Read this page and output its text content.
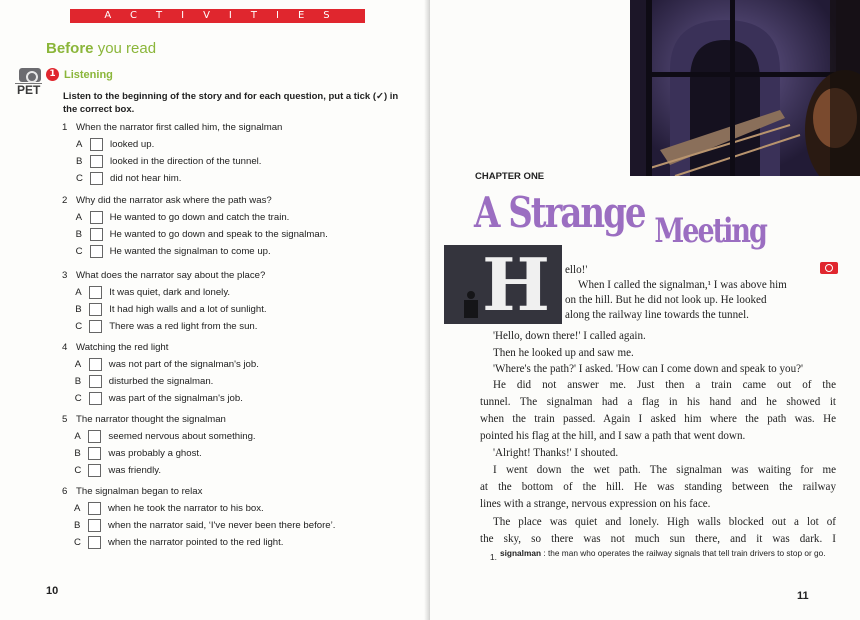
ACTIVITIES
Before you read
PET
1 Listening
Listen to the beginning of the story and for each question, put a tick (✓) in the correct box.
1 When the narrator first called him, the signalman
A	looked up.
B	looked in the direction of the tunnel.
C	did not hear him.
2 Why did the narrator ask where the path was?
A	He wanted to go down and catch the train.
B	He wanted to go down and speak to the signalman.
C	He wanted the signalman to come up.
3 What does the narrator say about the place?
A	It was quiet, dark and lonely.
B	It had high walls and a lot of sunlight.
C	There was a red light from the sun.
4 Watching the red light
A	was not part of the signalman's job.
B	disturbed the signalman.
C	was part of the signalman's job.
5 The narrator thought the signalman
A	seemed nervous about something.
B	was probably a ghost.
C	was friendly.
6 The signalman began to relax
A	when he took the narrator to his box.
B	when the narrator said, ‘I've never been there before’.
C	when the narrator pointed to the red light.
10
CHAPTER ONE
A Strange $_{Meeting}$
H ello!'
When I called the signalman,¹ I was above him
on the hill. But he did not look up. He looked
along the railway line towards the tunnel.
'Hello, down there!' I called again.
Then he looked up and saw me.
'Where's the path?' I asked. 'How can I come down and speak to you?'
He did not answer me. Just then a train came out of the
tunnel. The signalman had a flag in his hand and he showed it
when the train passed. Again I asked him where the path was. He
pointed his flag at the hill, and I saw a path that went down.
'Alright! Thanks!' I shouted.
I went down the wet path. The signalman was waiting for me
at the bottom of the hill. He was standing between the railway
lines with a strange, nervous expression on his face.
The place was quiet and lonely. High walls blocked out a lot of
the sky, so there was not much sun there, and it was dark. I
1. signalman : the man who operates the railway signals that tell train drivers to stop or go.
11
